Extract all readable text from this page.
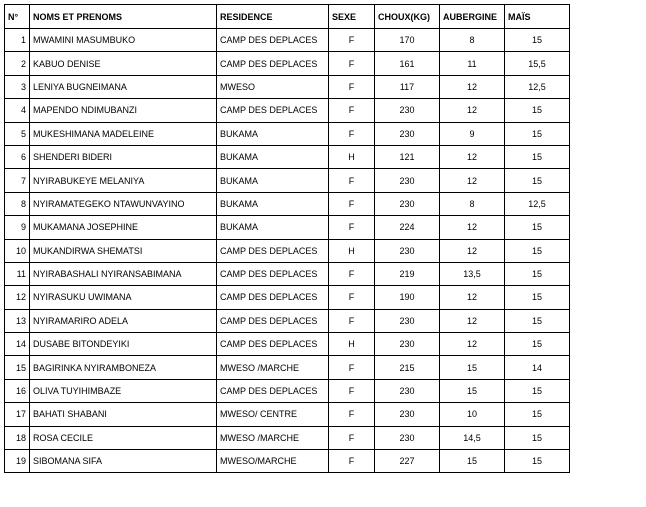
N°	NOMS ET PRENOMS	RESIDENCE	SEXE	CHOUX(KG)	AUBERGINE	MAÏS
1	MWAMINI MASUMBUKO	CAMP DES DEPLACES	F	170	8	15
2	KABUO DENISE	CAMP DES DEPLACES	F	161	11	15,5
3	LENIYA BUGNEIMANA	MWESO	F	117	12	12,5
4	MAPENDO NDIMUBANZI	CAMP DES DEPLACES	F	230	12	15
5	MUKESHIMANA MADELEINE	BUKAMA	F	230	9	15
6	SHENDERI BIDERI	BUKAMA	H	121	12	15
7	NYIRABUKEYE MELANIYA	BUKAMA	F	230	12	15
8	NYIRAMATEGEKO NTAWUNVAYINO	BUKAMA	F	230	8	12,5
9	MUKAMANA JOSEPHINE	BUKAMA	F	224	12	15
10	MUKANDIRWA SHEMATSI	CAMP DES DEPLACES	H	230	12	15
11	NYIRABASHALI NYIRANSABIMANA	CAMP DES DEPLACES	F	219	13,5	15
12	NYIRASUKU UWIMANA	CAMP DES DEPLACES	F	190	12	15
13	NYIRAMARIRO ADELA	CAMP DES DEPLACES	F	230	12	15
14	DUSABE BITONDEYIKI	CAMP DES DEPLACES	H	230	12	15
15	BAGIRINKA NYIRAMBONEZA	MWESO /MARCHE	F	215	15	14
16	OLIVA TUYIHIMBAZE	CAMP DES DEPLACES	F	230	15	15
17	BAHATI SHABANI	MWESO/ CENTRE	F	230	10	15
18	ROSA CECILE	MWESO /MARCHE	F	230	14,5	15
19	SIBOMANA SIFA	MWESO/MARCHE	F	227	15	15
